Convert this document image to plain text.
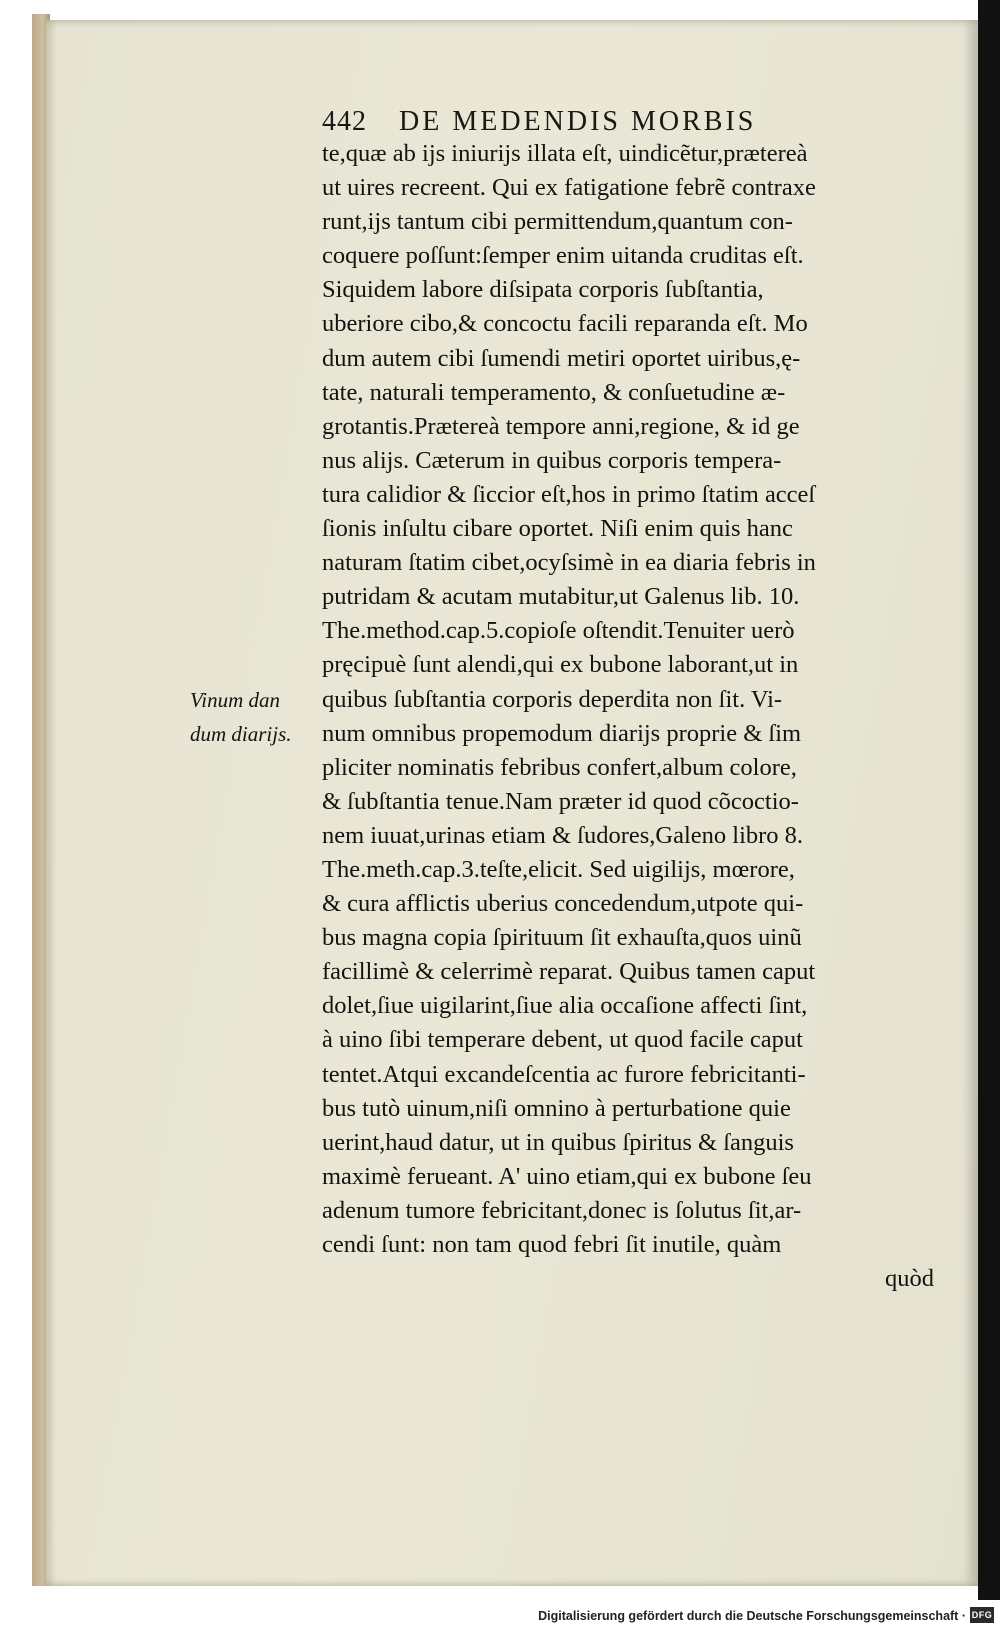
442 DE MEDENDIS MORBIS
Vinum dan
dum diarijs.
te,quæ ab ijs iniurijs illata eſt, uindicẽtur,prætereà
ut uires recreent. Qui ex fatigatione febrẽ contraxe
runt,ijs tantum cibi permittendum,quantum con-
coquere poſſunt:ſemper enim uitanda cruditas eſt.
Siquidem labore diſsipata corporis ſubſtantia,
uberiore cibo,& concoctu facili reparanda eſt. Mo
dum autem cibi ſumendi metiri oportet uiribus,ę-
tate, naturali temperamento, & conſuetudine æ-
grotantis.Prætereà tempore anni,regione, & id ge
nus alijs. Cæterum in quibus corporis tempera-
tura calidior & ſiccior eſt,hos in primo ſtatim acceſ
ſionis inſultu cibare oportet. Niſi enim quis hanc
naturam ſtatim cibet,ocyſsimè in ea diaria febris in
putridam & acutam mutabitur,ut Galenus lib. 10.
The.method.cap.5.copioſe oſtendit.Tenuiter uerò
pręcipuè ſunt alendi,qui ex bubone laborant,ut in
quibus ſubſtantia corporis deperdita non ſit. Vi-
num omnibus propemodum diarijs proprie & ſim
pliciter nominatis febribus confert,album colore,
& ſubſtantia tenue.Nam præter id quod cõcoctio-
nem iuuat,urinas etiam & ſudores,Galeno libro 8.
The.meth.cap.3.teſte,elicit. Sed uigilijs, mœrore,
& cura afflictis uberius concedendum,utpote qui-
bus magna copia ſpirituum ſit exhauſta,quos uinũ
facillimè & celerrimè reparat. Quibus tamen caput
dolet,ſiue uigilarint,ſiue alia occaſione affecti ſint,
à uino ſibi temperare debent, ut quod facile caput
tentet.Atqui excandeſcentia ac furore febricitanti-
bus tutò uinum,niſi omnino à perturbatione quie
uerint,haud datur, ut in quibus ſpiritus & ſanguis
maximè ferueant. A' uino etiam,qui ex bubone ſeu
adenum tumore febricitant,donec is ſolutus ſit,ar-
cendi ſunt: non tam quod febri ſit inutile, quàm
quòd
Digitalisierung gefördert durch die Deutsche Forschungsgemeinschaft · DFG
